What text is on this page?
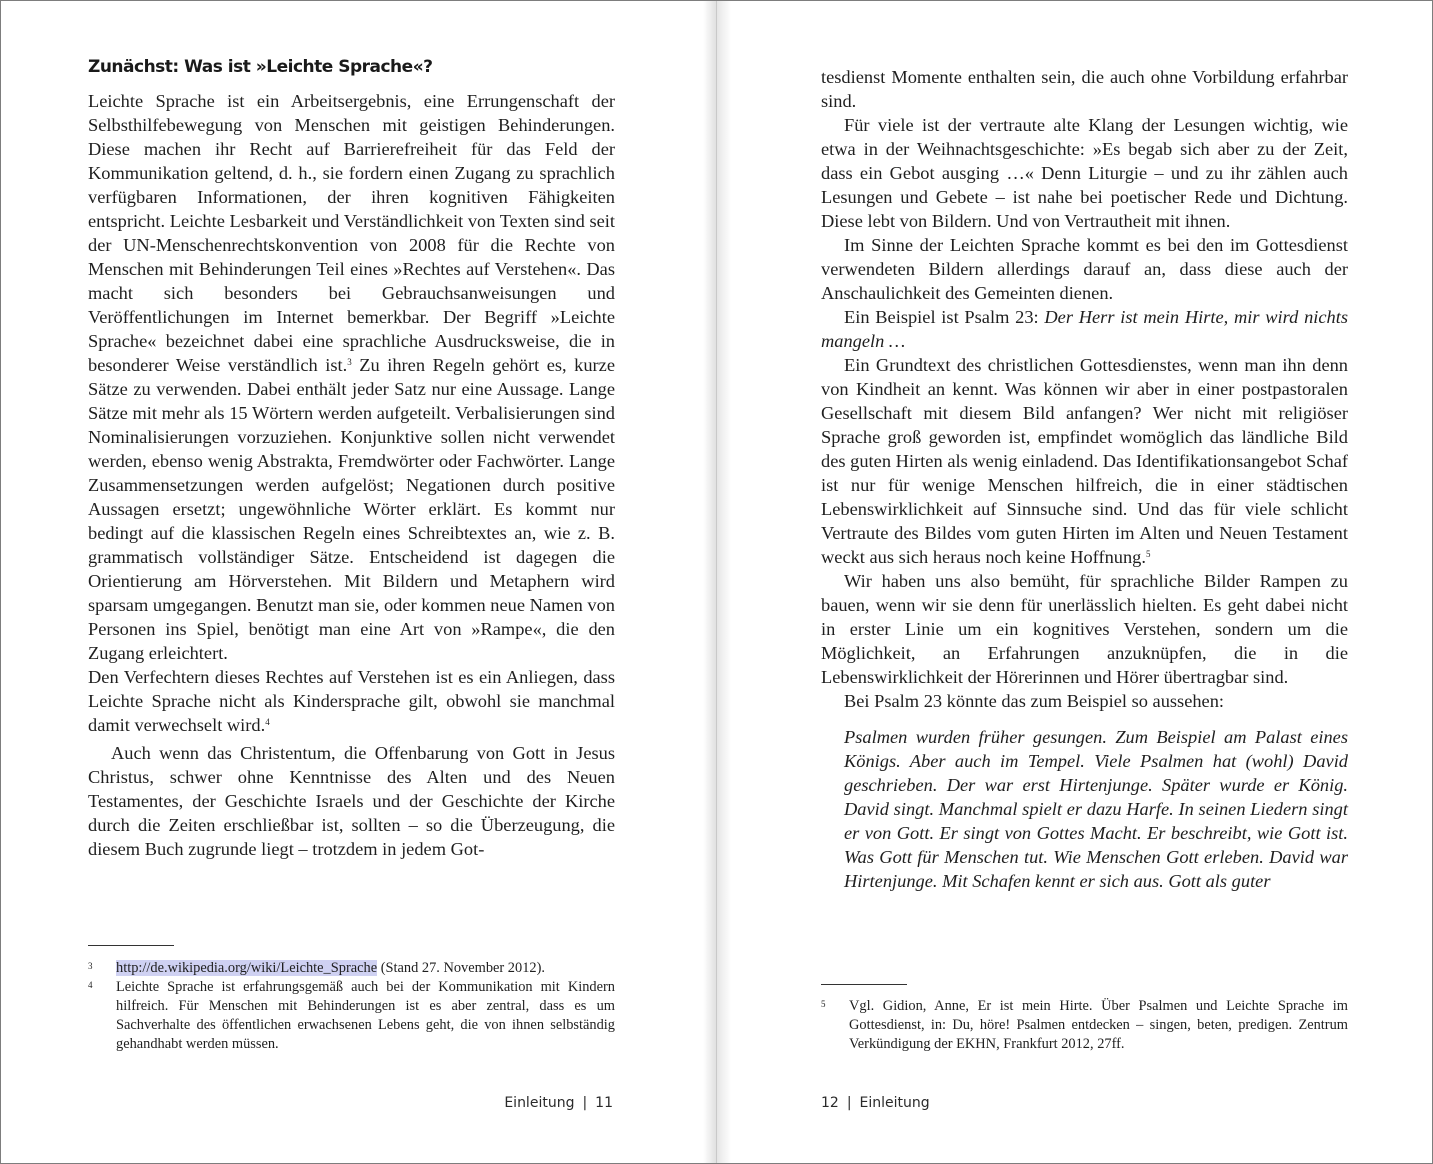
Zunächst: Was ist »Leichte Sprache«?

Leichte Sprache ist ein Arbeitsergebnis, eine Errungenschaft der Selbsthilfebewegung von Menschen mit geistigen Behinderungen. Diese machen ihr Recht auf Barrierefreiheit für das Feld der Kommunikation geltend, d. h., sie fordern einen Zugang zu sprachlich verfügbaren Informationen, der ihren kognitiven Fähigkeiten entspricht. Leichte Lesbarkeit und Verständlichkeit von Texten sind seit der UN-Menschenrechtskonvention von 2008 für die Rechte von Menschen mit Behinderungen Teil eines »Rechtes auf Verstehen«. Das macht sich besonders bei Gebrauchsanweisungen und Veröffentlichungen im Internet bemerkbar. Der Begriff »Leichte Sprache« bezeichnet dabei eine sprachliche Ausdrucksweise, die in besonderer Weise verständlich ist.$^3$ Zu ihren Regeln gehört es, kurze Sätze zu verwenden. Dabei enthält jeder Satz nur eine Aussage. Lange Sätze mit mehr als 15 Wörtern werden aufgeteilt. Verbalisierungen sind Nominalisierungen vorzuziehen. Konjunktive sollen nicht verwendet werden, ebenso wenig Abstrakta, Fremdwörter oder Fachwörter. Lange Zusammensetzungen werden aufgelöst; Negationen durch positive Aussagen ersetzt; ungewöhnliche Wörter erklärt. Es kommt nur bedingt auf die klassischen Regeln eines Schreibtextes an, wie z. B. grammatisch vollständiger Sätze. Entscheidend ist dagegen die Orientierung am Hörverstehen. Mit Bildern und Metaphern wird sparsam umgegangen. Benutzt man sie, oder kommen neue Namen von Personen ins Spiel, benötigt man eine Art von »Rampe«, die den Zugang erleichtert.

Den Verfechtern dieses Rechtes auf Verstehen ist es ein Anliegen, dass Leichte Sprache nicht als Kindersprache gilt, obwohl sie manchmal damit verwechselt wird.$^4$

Auch wenn das Christentum, die Offenbarung von Gott in Jesus Christus, schwer ohne Kenntnisse des Alten und des Neuen Testamentes, der Geschichte Israels und der Geschichte der Kirche durch die Zeiten erschließbar ist, sollten – so die Überzeugung, die diesem Buch zugrunde liegt – trotzdem in jedem Got-

3 http://de.wikipedia.org/wiki/Leichte_Sprache (Stand 27. November 2012).
4 Leichte Sprache ist erfahrungsgemäß auch bei der Kommunikation mit Kindern hilfreich. Für Menschen mit Behinderungen ist es aber zentral, dass es um Sachverhalte des öffentlichen erwachsenen Lebens geht, die von ihnen selbständig gehandhabt werden müssen.
Einleitung | 11

tesdienst Momente enthalten sein, die auch ohne Vorbildung erfahrbar sind.

Für viele ist der vertraute alte Klang der Lesungen wichtig, wie etwa in der Weihnachtsgeschichte: »Es begab sich aber zu der Zeit, dass ein Gebot ausging …« Denn Liturgie – und zu ihr zählen auch Lesungen und Gebete – ist nahe bei poetischer Rede und Dichtung. Diese lebt von Bildern. Und von Vertrautheit mit ihnen.

Im Sinne der Leichten Sprache kommt es bei den im Gottesdienst verwendeten Bildern allerdings darauf an, dass diese auch der Anschaulichkeit des Gemeinten dienen.

Ein Beispiel ist Psalm 23: Der Herr ist mein Hirte, mir wird nichts mangeln …

Ein Grundtext des christlichen Gottesdienstes, wenn man ihn denn von Kindheit an kennt. Was können wir aber in einer postpastoralen Gesellschaft mit diesem Bild anfangen? Wer nicht mit religiöser Sprache groß geworden ist, empfindet womöglich das ländliche Bild des guten Hirten als wenig einladend. Das Identifikationsangebot Schaf ist nur für wenige Menschen hilfreich, die in einer städtischen Lebenswirklichkeit auf Sinnsuche sind. Und das für viele schlicht Vertraute des Bildes vom guten Hirten im Alten und Neuen Testament weckt aus sich heraus noch keine Hoffnung.$^5$

Wir haben uns also bemüht, für sprachliche Bilder Rampen zu bauen, wenn wir sie denn für unerlässlich hielten. Es geht dabei nicht in erster Linie um ein kognitives Verstehen, sondern um die Möglichkeit, an Erfahrungen anzuknüpfen, die in die Lebenswirklichkeit der Hörerinnen und Hörer übertragbar sind.

Bei Psalm 23 könnte das zum Beispiel so aussehen:

Psalmen wurden früher gesungen. Zum Beispiel am Palast eines Königs. Aber auch im Tempel. Viele Psalmen hat (wohl) David geschrieben. Der war erst Hirtenjunge. Später wurde er König. David singt. Manchmal spielt er dazu Harfe. In seinen Liedern singt er von Gott. Er singt von Gottes Macht. Er beschreibt, wie Gott ist. Was Gott für Menschen tut. Wie Menschen Gott erleben. David war Hirtenjunge. Mit Schafen kennt er sich aus. Gott als guter

5 Vgl. Gidion, Anne, Er ist mein Hirte. Über Psalmen und Leichte Sprache im Gottesdienst, in: Du, höre! Psalmen entdecken – singen, beten, predigen. Zentrum Verkündigung der EKHN, Frankfurt 2012, 27ff.
12 | Einleitung
